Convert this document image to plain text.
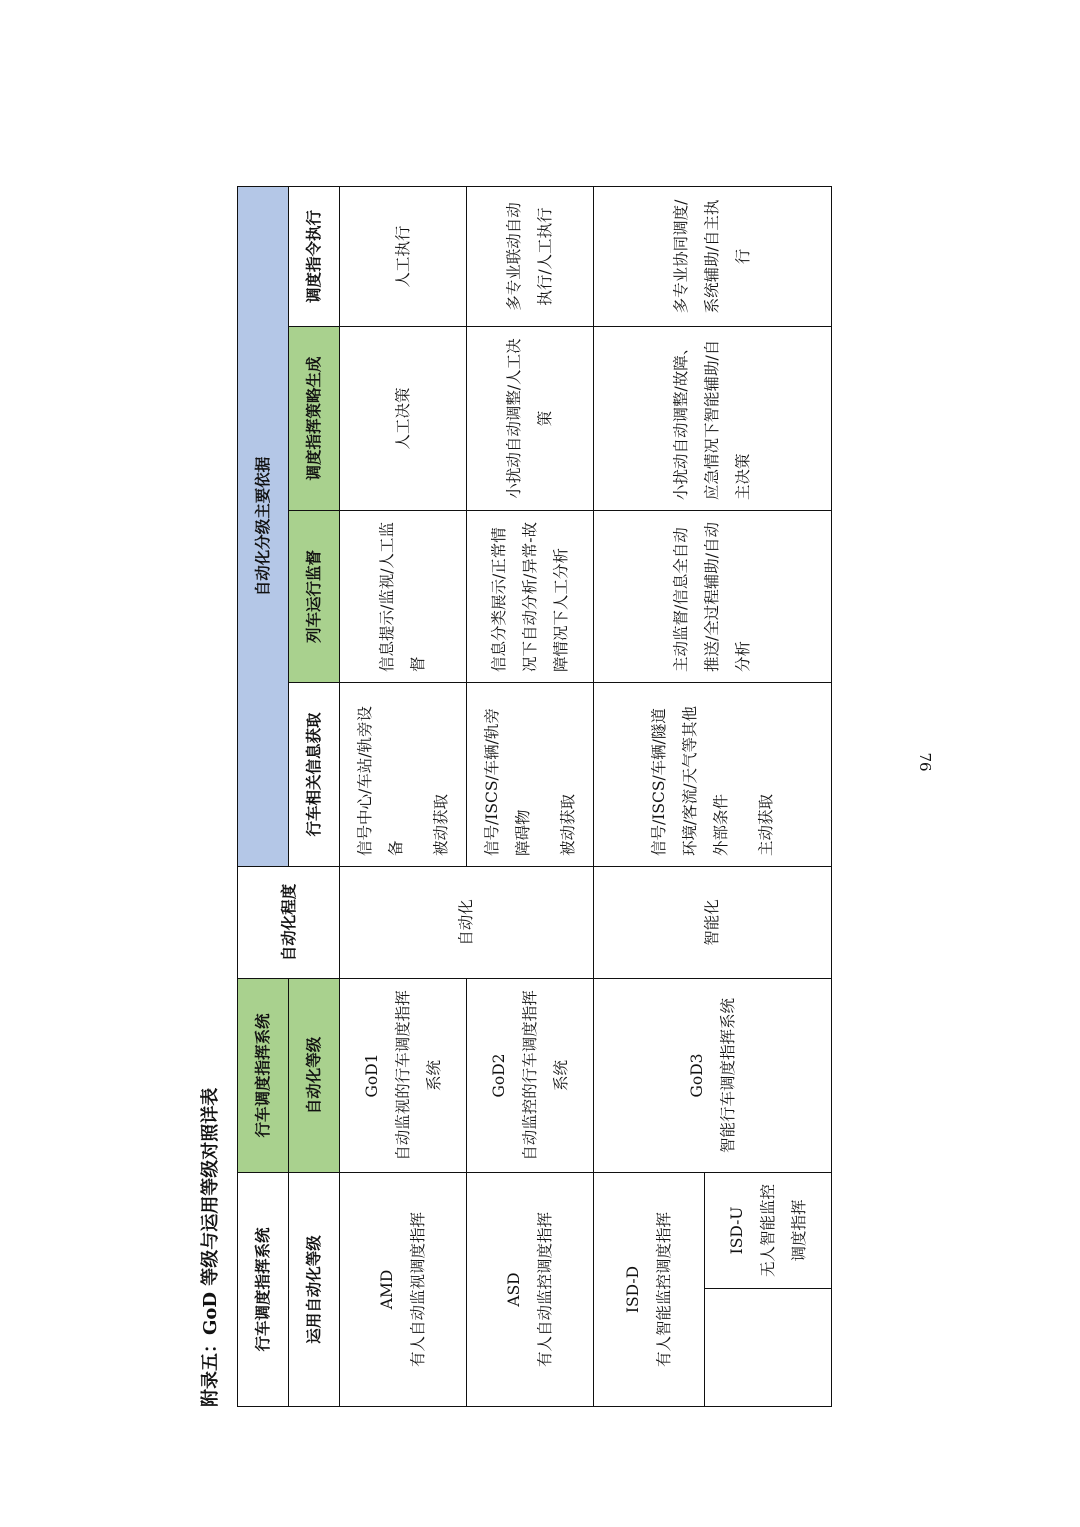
附录五：GoD 等级与运用等级对照详表 行车调度指挥系统		行车调度指挥系统	自动化程度	自动化分级主要依据			
运用自动化等级		自动化等级		行车相关信息获取	列车运行监督	调度指挥策略生成	调度指令执行

AMD 有人自动监视调度指挥		GoD1 自动监视的行车调度指挥系统	自动化	信号中心/车站/轨旁设备 被动获取	信息提示/监视/人工监督	人工决策	人工执行

ASD 有人自动监控调度指挥		GoD2 自动监控的行车调度指挥系统		信号/ISCS/车辆/轨旁障碍物 被动获取	信息分类展示/正常情况下自动分析/异常-故障情况下人工分析	小扰动自动调整/人工决策	多专业联动自动执行/人工执行

ISD-D 有人智能监控调度指挥		GoD3 智能行车调度指挥系统	智能化	信号/ISCS/车辆/隧道环境/客流/天气等其他外部条件 主动获取	主动监督/信息全自动推送/全过程辅助/自动分析	小扰动自动调整/故障、应急情况下智能辅助/自主决策	多专业协同调度/系统辅助/自主执行

	ISD-U 无人智能监控调度指挥						
76
